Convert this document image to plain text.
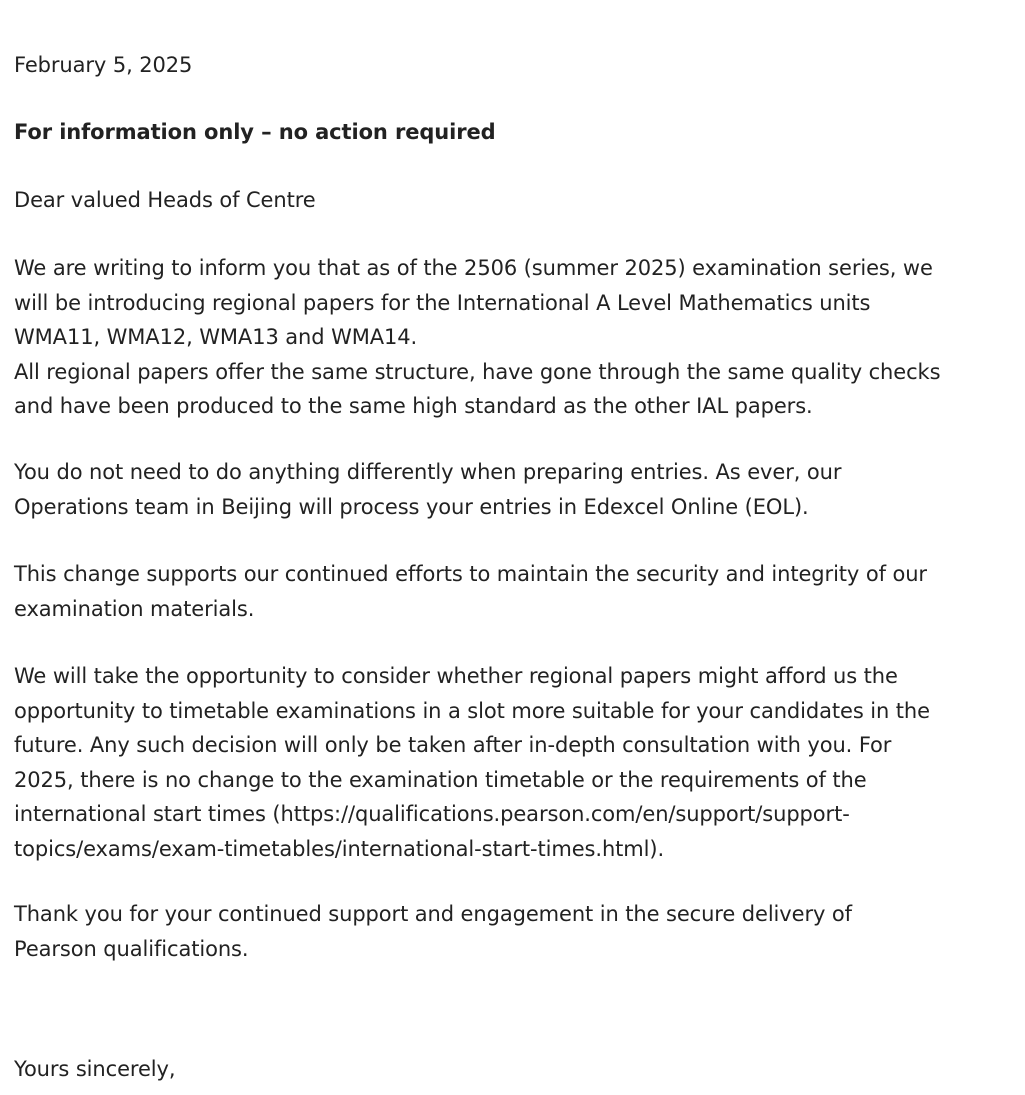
February 5, 2025

For information only – no action required

Dear valued Heads of Centre

We are writing to inform you that as of the 2506 (summer 2025) examination series, we
will be introducing regional papers for the International A Level Mathematics units
WMA11, WMA12, WMA13 and WMA14.
All regional papers offer the same structure, have gone through the same quality checks
and have been produced to the same high standard as the other IAL papers.
You do not need to do anything differently when preparing entries. As ever, our
Operations team in Beijing will process your entries in Edexcel Online (EOL).
This change supports our continued efforts to maintain the security and integrity of our
examination materials.
We will take the opportunity to consider whether regional papers might afford us the
opportunity to timetable examinations in a slot more suitable for your candidates in the
future. Any such decision will only be taken after in-depth consultation with you. For
2025, there is no change to the examination timetable or the requirements of the
international start times (https://qualifications.pearson.com/en/support/support-
topics/exams/exam-timetables/international-start-times.html).
Thank you for your continued support and engagement in the secure delivery of
Pearson qualifications.

Yours sincerely,
